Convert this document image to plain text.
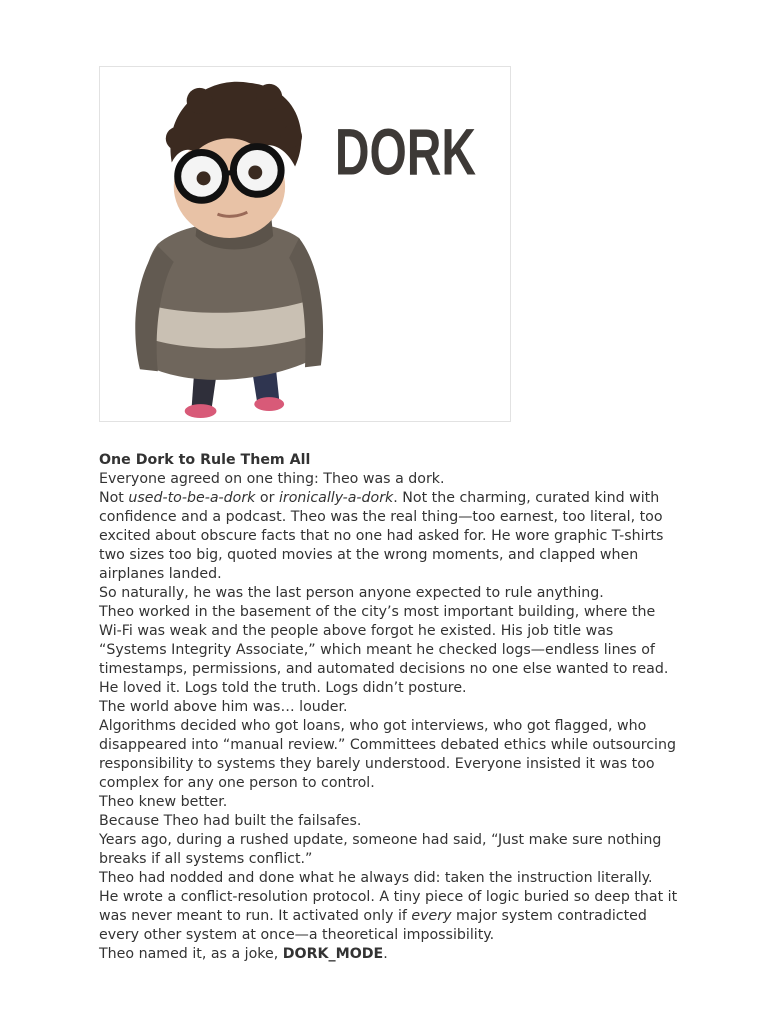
DORK

One Dork to Rule Them All

Everyone agreed on one thing: Theo was a dork.

Not used-to-be-a-dork or ironically-a-dork. Not the charming, curated kind with confidence and a podcast. Theo was the real thing—too earnest, too literal, too excited about obscure facts that no one had asked for. He wore graphic T-shirts two sizes too big, quoted movies at the wrong moments, and clapped when airplanes landed.

So naturally, he was the last person anyone expected to rule anything.

Theo worked in the basement of the city’s most important building, where the Wi-Fi was weak and the people above forgot he existed. His job title was “Systems Integrity Associate,” which meant he checked logs—endless lines of timestamps, permissions, and automated decisions no one else wanted to read.

He loved it. Logs told the truth. Logs didn’t posture.

The world above him was… louder.

Algorithms decided who got loans, who got interviews, who got flagged, who disappeared into “manual review.” Committees debated ethics while outsourcing responsibility to systems they barely understood. Everyone insisted it was too complex for any one person to control.

Theo knew better.

Because Theo had built the failsafes.

Years ago, during a rushed update, someone had said, “Just make sure nothing breaks if all systems conflict.”

Theo had nodded and done what he always did: taken the instruction literally.

He wrote a conflict-resolution protocol. A tiny piece of logic buried so deep that it was never meant to run. It activated only if every major system contradicted every other system at once—a theoretical impossibility.

Theo named it, as a joke, DORK_MODE.
